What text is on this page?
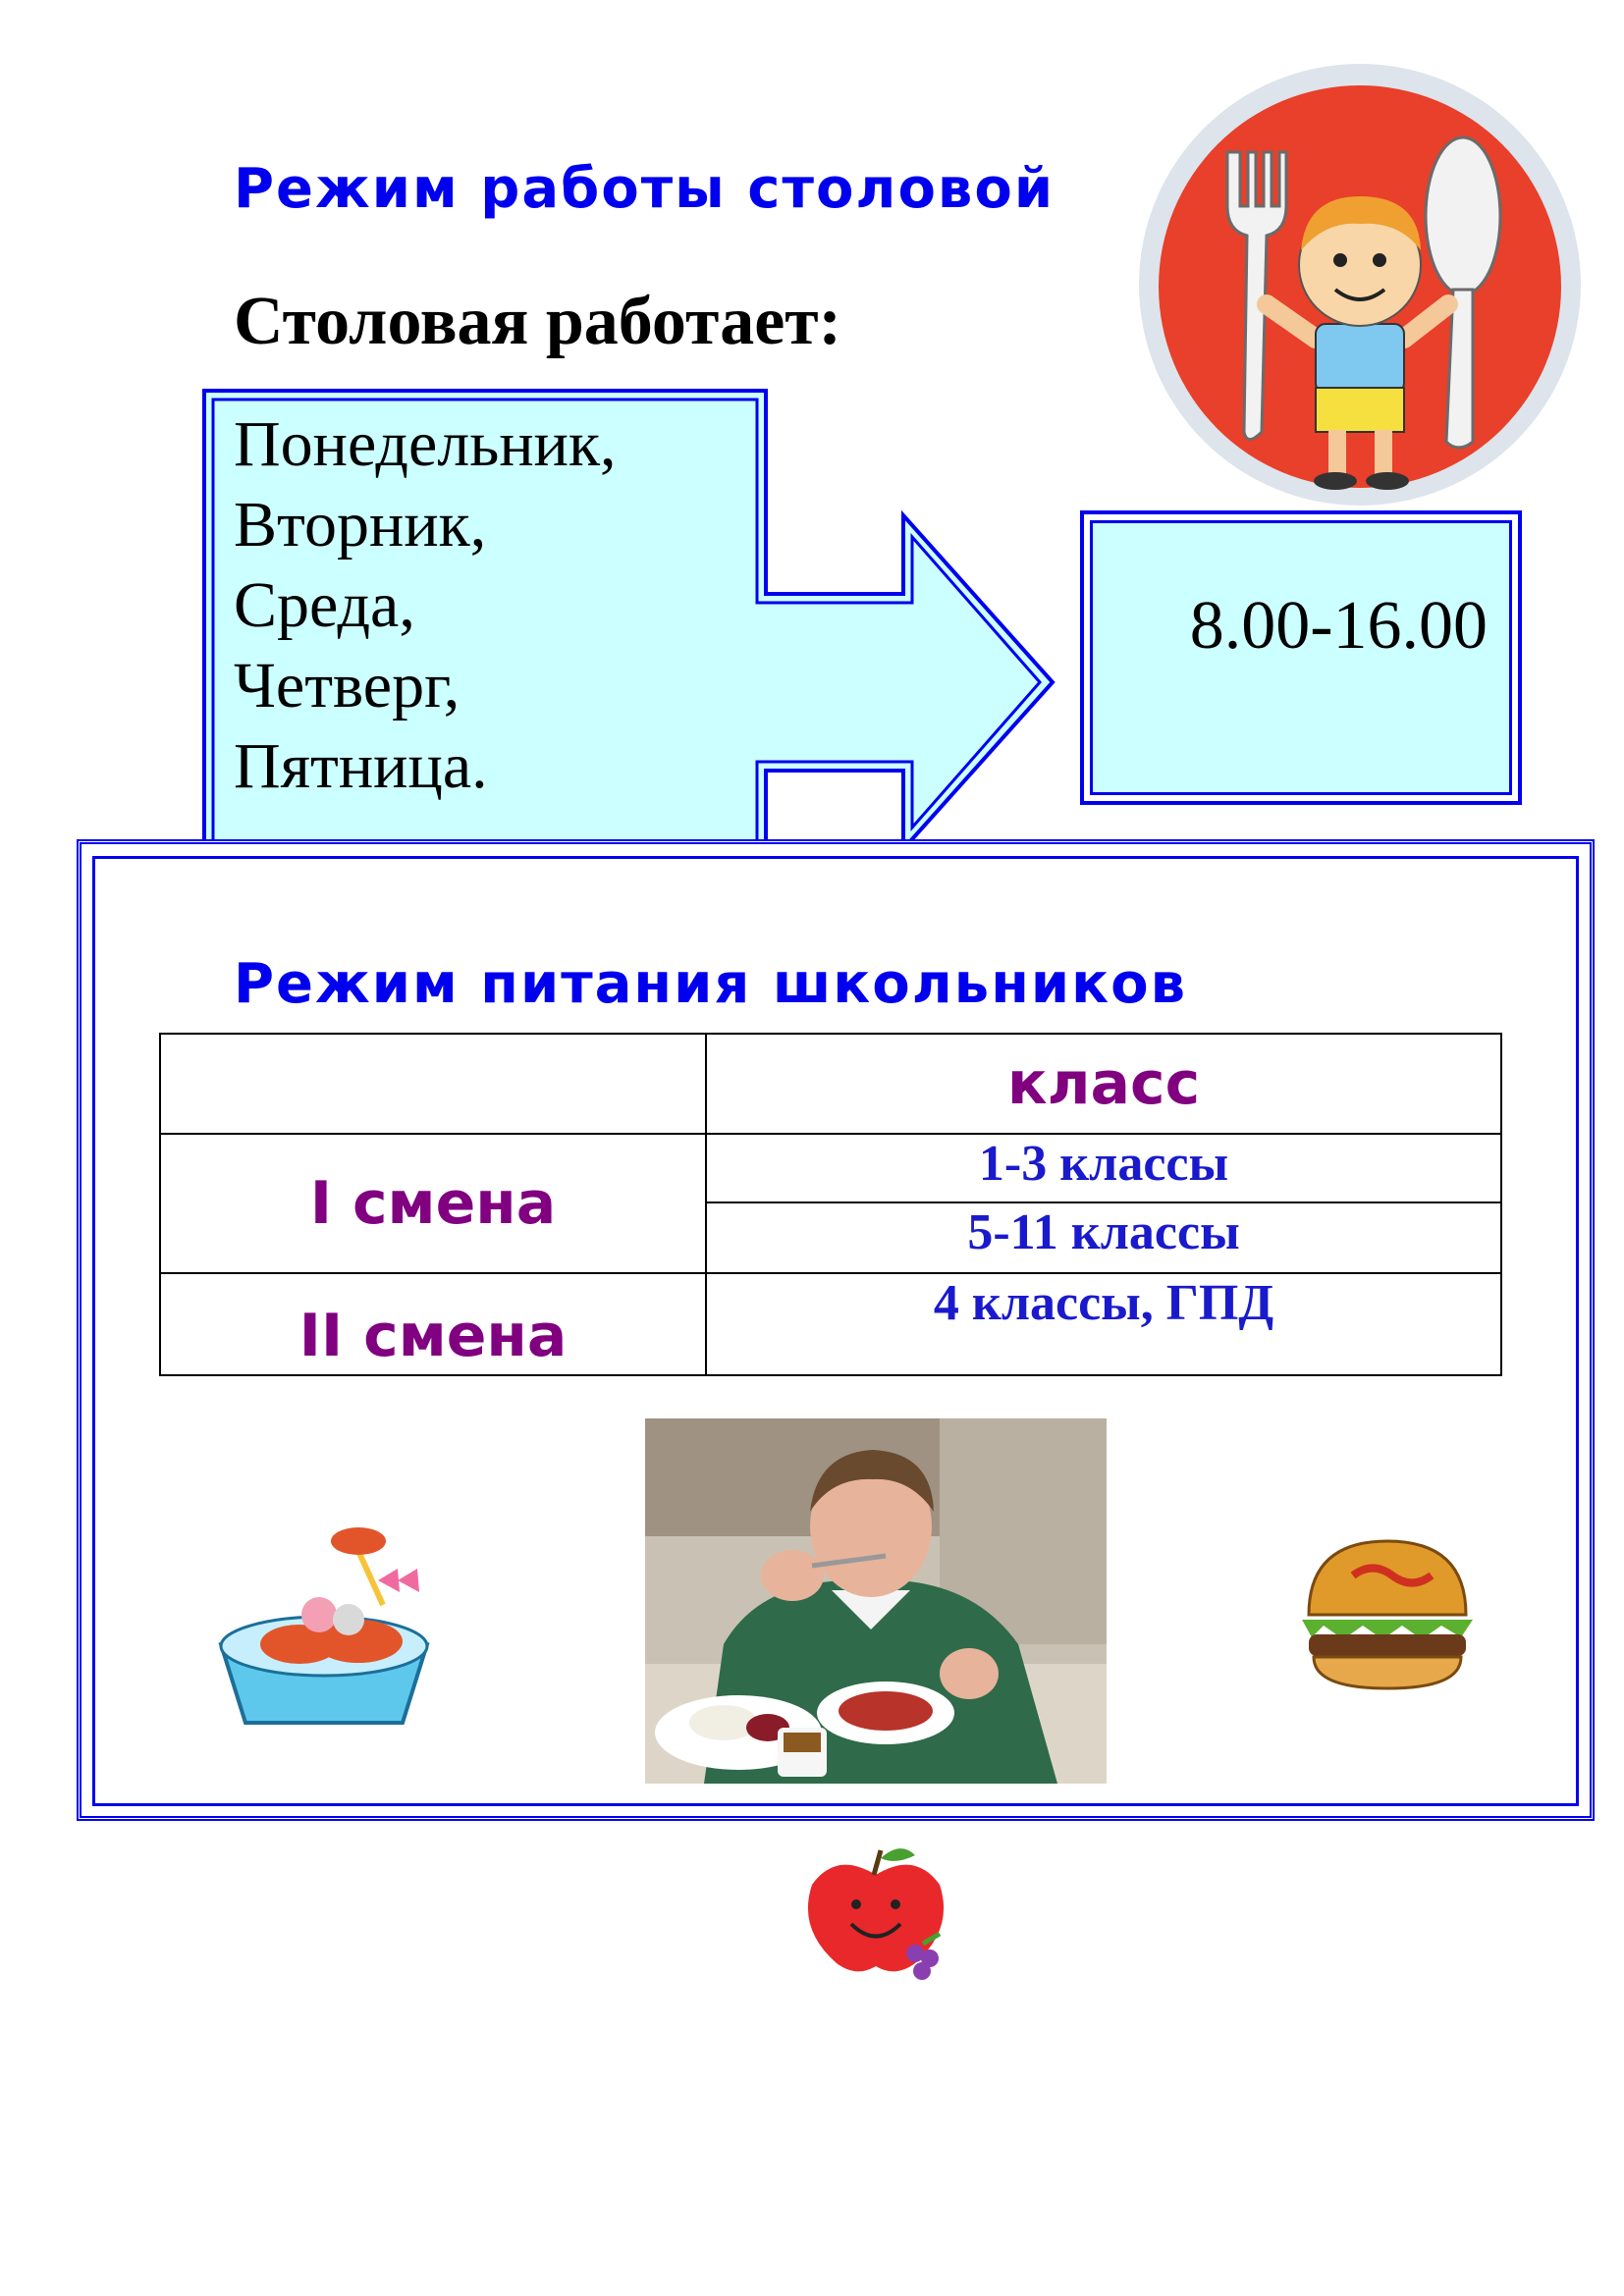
Режим работы столовой
Столовая работает:
Понедельник,
Вторник,
Среда,
Четверг,
Пятница.
8.00-16.00
Режим питания школьников
	класс
I смена	1-3 классы
	5-11 классы
II смена	4 классы, ГПД
